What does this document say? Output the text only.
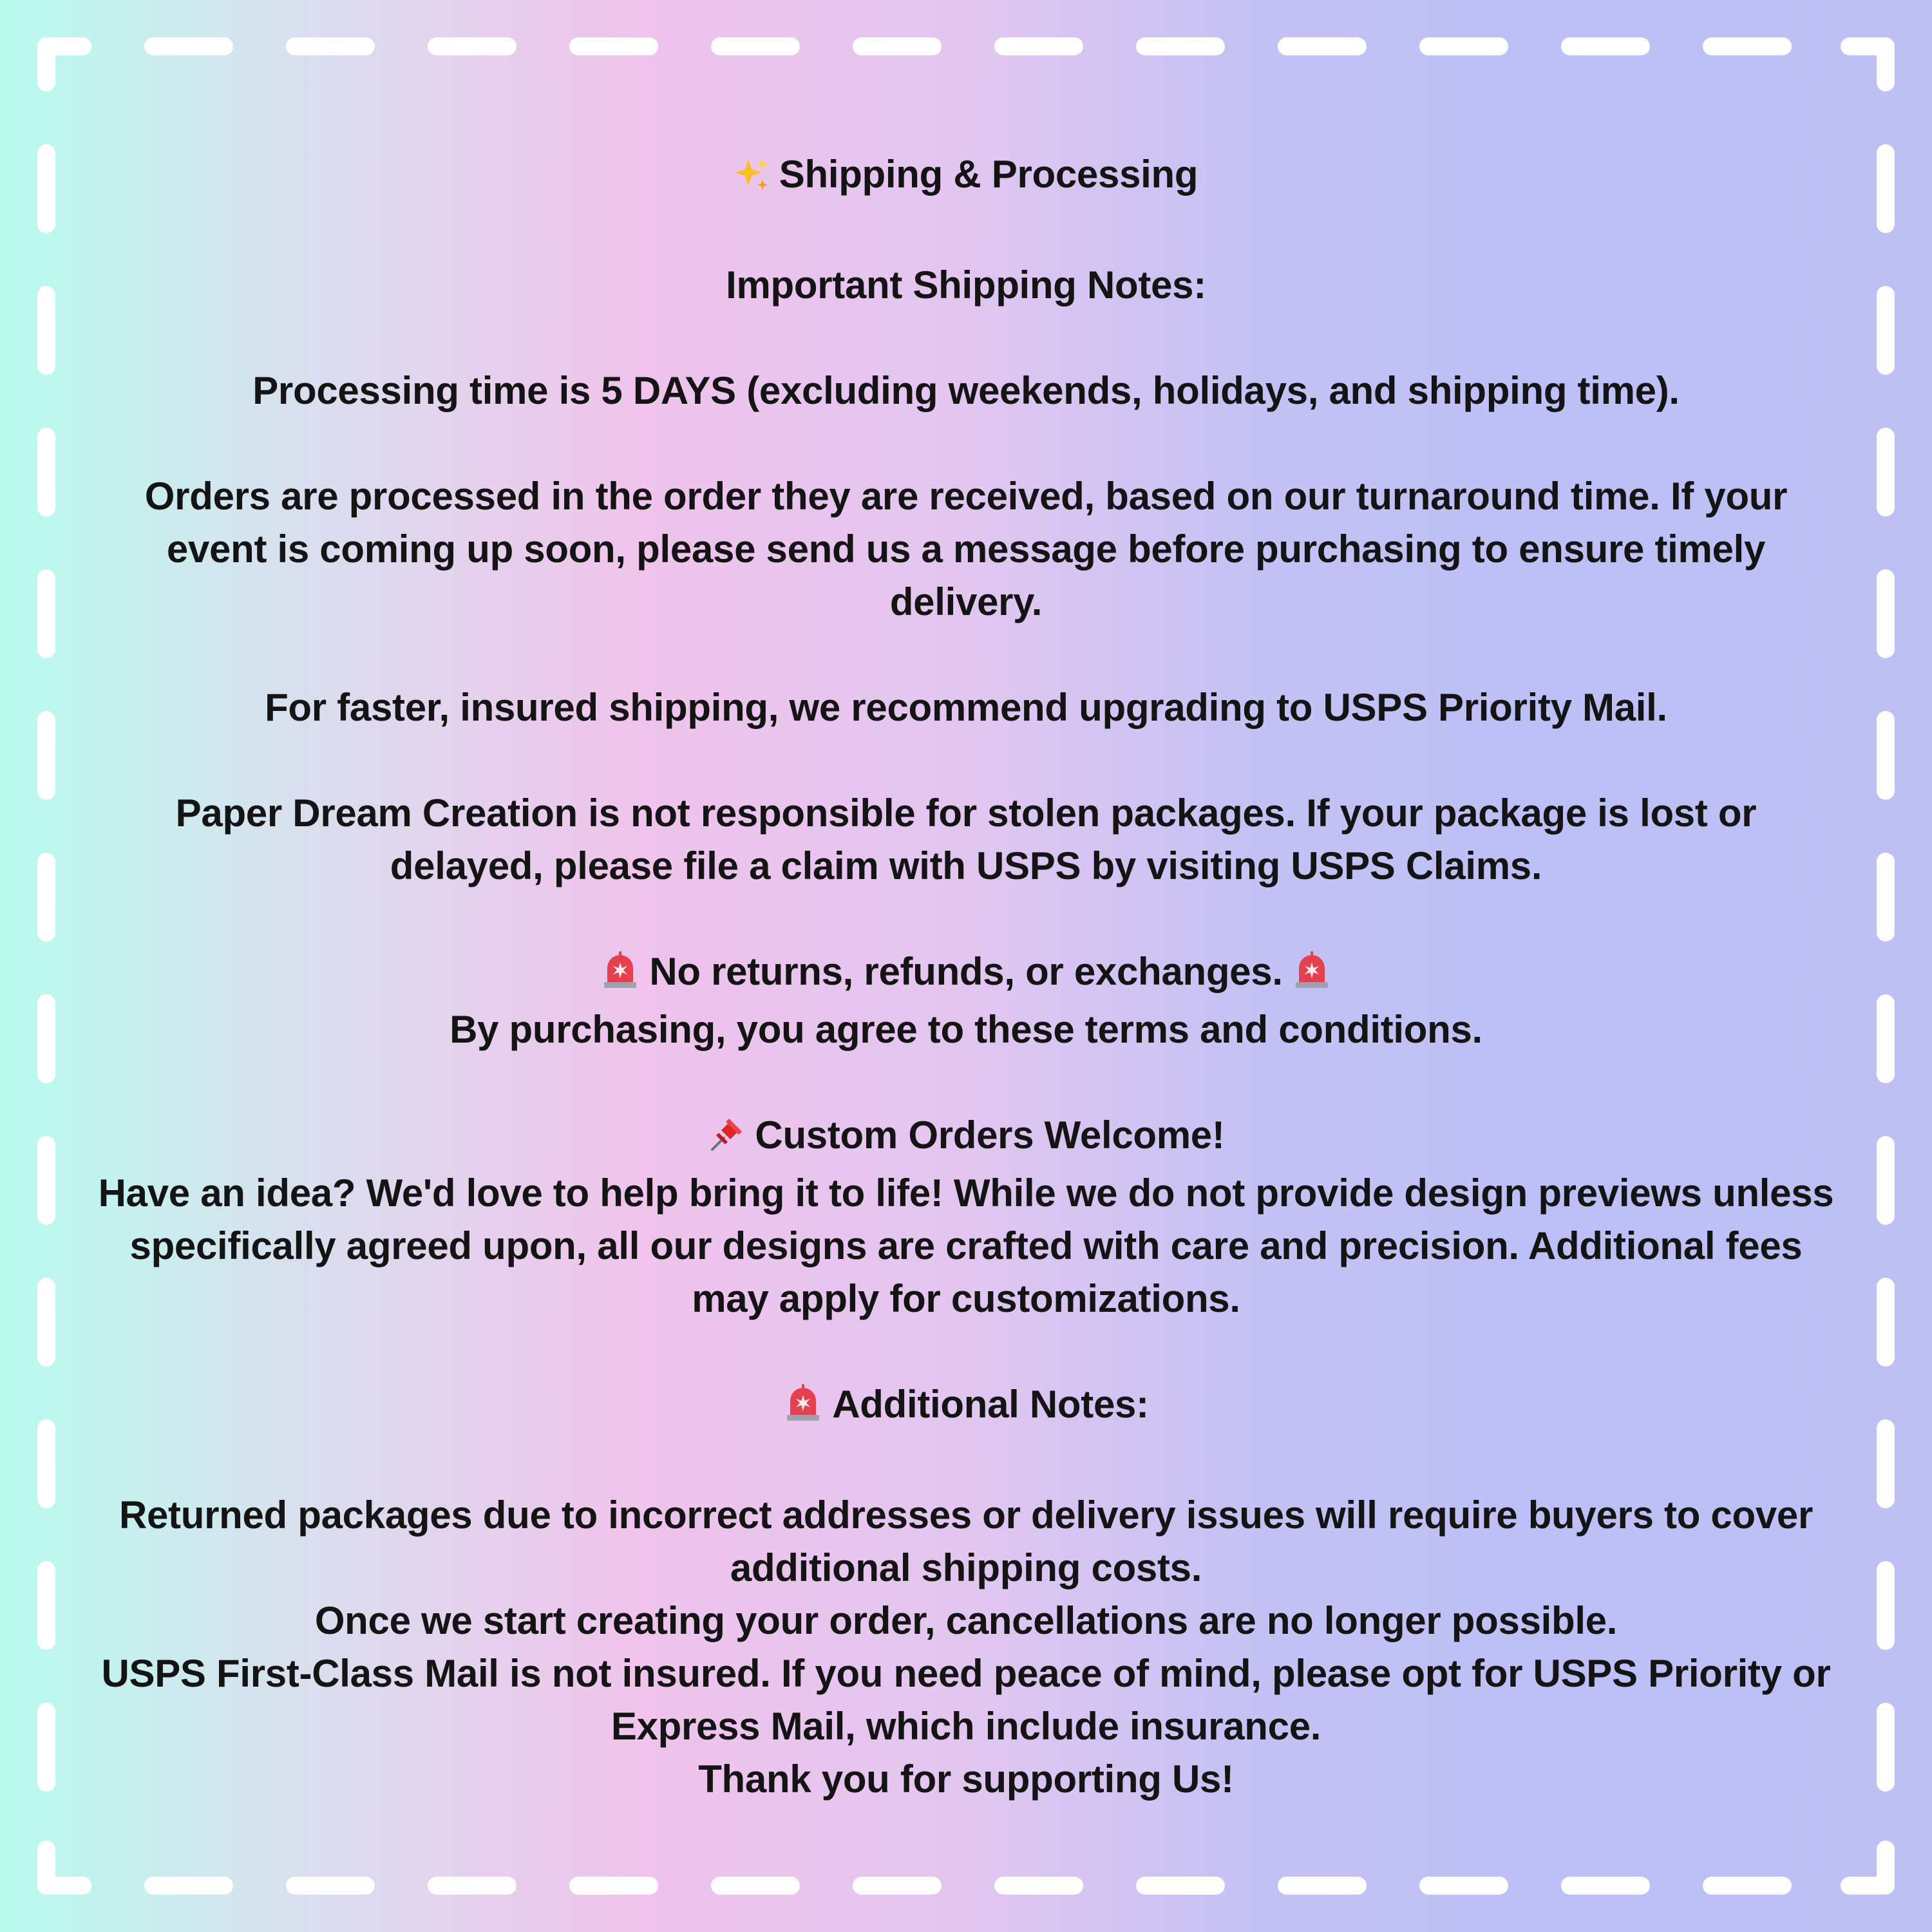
Shipping & Processing

Important Shipping Notes:

Processing time is 5 DAYS (excluding weekends, holidays, and shipping time).

Orders are processed in the order they are received, based on our turnaround time. If your event is coming up soon, please send us a message before purchasing to ensure timely delivery.

For faster, insured shipping, we recommend upgrading to USPS Priority Mail.

Paper Dream Creation is not responsible for stolen packages. If your package is lost or delayed, please file a claim with USPS by visiting USPS Claims.

No returns, refunds, or exchanges.

By purchasing, you agree to these terms and conditions.

Custom Orders Welcome!

Have an idea? We'd love to help bring it to life! While we do not provide design previews unless specifically agreed upon, all our designs are crafted with care and precision. Additional fees may apply for customizations.

Additional Notes:

Returned packages due to incorrect addresses or delivery issues will require buyers to cover additional shipping costs.

Once we start creating your order, cancellations are no longer possible.

USPS First-Class Mail is not insured. If you need peace of mind, please opt for USPS Priority or Express Mail, which include insurance.

Thank you for supporting Us!
